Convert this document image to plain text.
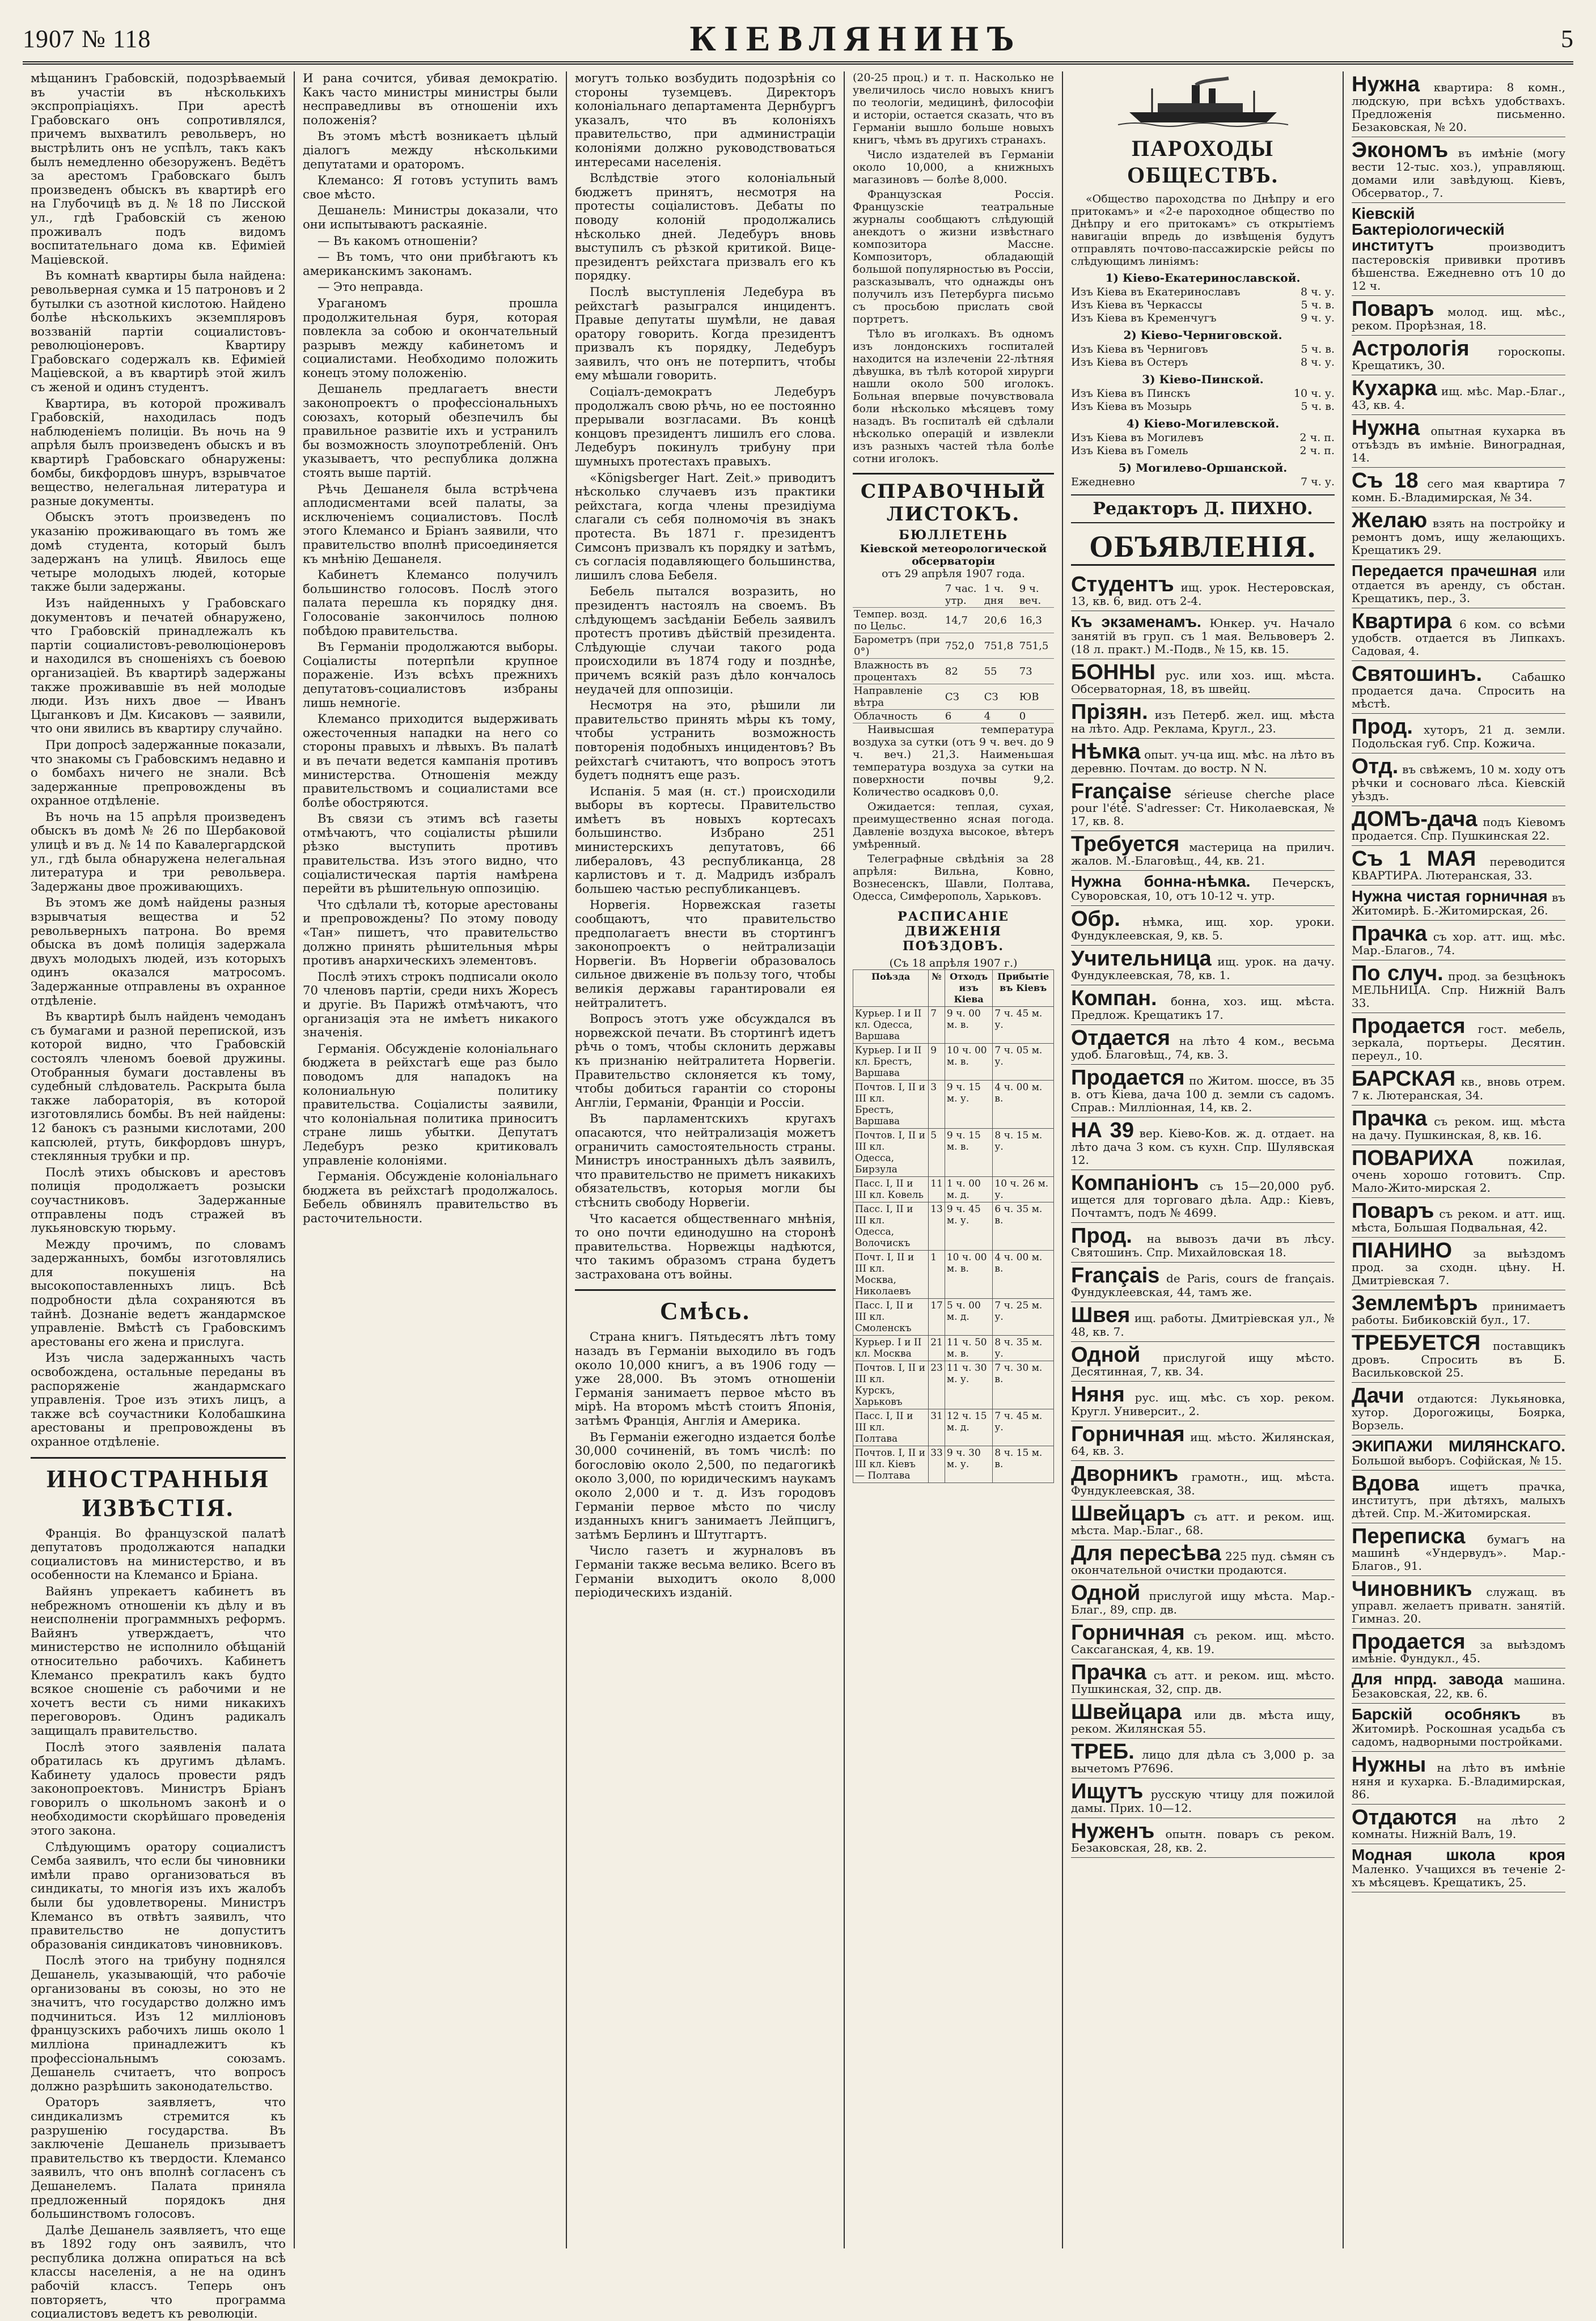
1907 № 118	КІЕВЛЯНИНЪ	5

мѣщанинъ Грабовскій, подозрѣваемый въ участіи въ нѣсколькихъ экспропріаціяхъ. При арестѣ Грабовскаго онъ сопротивлялся, причемъ выхватилъ револьверъ, но выстрѣлить онъ не успѣлъ, такъ какъ былъ немедленно обезоруженъ. Ведётъ за арестомъ Грабовскаго былъ произведенъ обыскъ въ квартирѣ его на Глубочицѣ въ д. № 18 по Лисской ул., гдѣ Грабовскій съ женою проживалъ подъ видомъ воспитательнаго дома кв. Ефиміей Маціевской.

Въ комнатѣ квартиры была найдена: револьверная сумка и 15 патроновъ и 2 бутылки съ азотной кислотою. Найдено болѣе нѣсколькихъ экземпляровъ воззваній партіи социалистовъ-революціонеровъ. Квартиру Грабовскаго содержалъ кв. Ефиміей Маціевской, а въ квартирѣ этой жилъ съ женой и одинъ студентъ.

Квартира, въ которой проживалъ Грабовскій, находилась подъ наблюденіемъ полиціи. Въ ночь на 9 апрѣля былъ произведенъ обыскъ и въ квартирѣ Грабовскаго обнаружены: бомбы, бикфордовъ шнуръ, взрывчатое вещество, нелегальная литература и разные документы.

Обыскъ этотъ произведенъ по указанію проживающаго въ томъ же домѣ студента, который былъ задержанъ на улицѣ. Явилось еще четыре молодыхъ людей, которые также были задержаны.

Изъ найденныхъ у Грабовскаго документовъ и печатей обнаружено, что Грабовскій принадлежалъ къ партіи социалистовъ-революціонеровъ и находился въ сношеніяхъ съ боевою организаціей. Въ квартирѣ задержаны также проживавшіе въ ней молодые люди. Изъ нихъ двое — Иванъ Цыганковъ и Дм. Кисаковъ — заявили, что они явились въ квартиру случайно.

При допросѣ задержанные показали, что знакомы съ Грабовскимъ недавно и о бомбахъ ничего не знали. Всѣ задержанные препровождены въ охранное отдѣленіе.

Въ ночь на 15 апрѣля произведенъ обыскъ въ домѣ № 26 по Шербаковой улицѣ и въ д. № 14 по Кавалергардской ул., гдѣ была обнаружена нелегальная литература и три револьвера. Задержаны двое проживающихъ.

Въ этомъ же домѣ найдены разныя взрывчатыя вещества и 52 револьверныхъ патрона. Во время обыска въ домѣ полиція задержала двухъ молодыхъ людей, изъ которыхъ одинъ оказался матросомъ. Задержанные отправлены въ охранное отдѣленіе.

Въ квартирѣ былъ найденъ чемоданъ съ бумагами и разной перепиской, изъ которой видно, что Грабовскій состоялъ членомъ боевой дружины. Отобранныя бумаги доставлены въ судебный слѣдователь. Раскрыта была также лабораторія, въ которой изготовлялись бомбы. Въ ней найдены: 12 банокъ съ разными кислотами, 200 капсюлей, ртуть, бикфордовъ шнуръ, стеклянныя трубки и пр.

Послѣ этихъ обысковъ и арестовъ полиція продолжаетъ розыски соучастниковъ. Задержанные отправлены подъ стражей въ лукьяновскую тюрьму.

Между прочимъ, по словамъ задержанныхъ, бомбы изготовлялись для покушенія на высокопоставленныхъ лицъ. Всѣ подробности дѣла сохраняются въ тайнѣ. Дознаніе ведетъ жандармское управленіе. Вмѣстѣ съ Грабовскимъ арестованы его жена и прислуга.

Изъ числа задержанныхъ часть освобождена, остальные переданы въ распоряженіе жандармскаго управленія. Трое изъ этихъ лицъ, а также всѣ соучастники Колобашкина арестованы и препровождены въ охранное отдѣленіе.

ИНОСТРАННЫЯ ИЗВѢСТІЯ.

Франція. Во французской палатѣ депутатовъ продолжаются нападки социалистовъ на министерство, и въ особенности на Клемансо и Бріана.

Вайянъ упрекаетъ кабинетъ въ небрежномъ отношеніи къ дѣлу и въ неисполненіи программныхъ реформъ. Вайянъ утверждаетъ, что министерство не исполнило обѣщаній относительно рабочихъ. Кабинетъ Клемансо прекратилъ какъ будто всякое сношеніе съ рабочими и не хочетъ вести съ ними никакихъ переговоровъ. Одинъ радикалъ защищалъ правительство.

Послѣ этого заявленія палата обратилась къ другимъ дѣламъ. Кабинету удалось провести рядъ законопроектовъ. Министръ Бріанъ говорилъ о школьномъ законѣ и о необходимости скорѣйшаго проведенія этого закона.

Слѣдующимъ оратору социалистъ Семба заявилъ, что если бы чиновники имѣли право организоваться въ синдикаты, то многія изъ ихъ жалобъ были бы удовлетворены. Министръ Клемансо въ отвѣтъ заявилъ, что правительство не допуститъ образованія синдикатовъ чиновниковъ.

Послѣ этого на трибуну поднялся Дешанель, указывающій, что рабочіе организованы въ союзы, но это не значитъ, что государство должно имъ подчиниться. Изъ 12 милліоновъ французскихъ рабочихъ лишь около 1 милліона принадлежитъ къ профессіональнымъ союзамъ. Дешанель считаетъ, что вопросъ должно разрѣшить законодательство.

Ораторъ заявляетъ, что синдикализмъ стремится къ разрушенію государства. Въ заключеніе Дешанель призываетъ правительство къ твердости. Клемансо заявилъ, что онъ вполнѣ согласенъ съ Дешанелемъ. Палата приняла предложенный порядокъ дня большинствомъ голосовъ.

Далѣе Дешанель заявляетъ, что еще въ 1892 году онъ заявилъ, что республика должна опираться на всѣ классы населенія, а не на одинъ рабочій классъ. Теперь онъ повторяетъ, что программа социалистовъ ведетъ къ революціи.

И рана сочится, убивая демократію. Какъ часто министры министры были несправедливы въ отношеніи ихъ положенія?

Въ этомъ мѣстѣ возникаетъ цѣлый діалогъ между нѣсколькими депутатами и ораторомъ.

Клемансо: Я готовъ уступить вамъ свое мѣсто.

Дешанель: Министры доказали, что они испытываютъ раскаяніе.

— Въ какомъ отношеніи?

— Въ томъ, что они прибѣгаютъ къ американскимъ законамъ.

— Это неправда.

Ураганомъ прошла продолжительная буря, которая повлекла за собою и окончательный разрывъ между кабинетомъ и социалистами. Необходимо положить конецъ этому положенію.

Дешанель предлагаетъ внести законопроектъ о профессіональныхъ союзахъ, который обезпечилъ бы правильное развитіе ихъ и устранилъ бы возможность злоупотребленій. Онъ указываетъ, что республика должна стоять выше партій.

Рѣчь Дешанеля была встрѣчена аплодисментами всей палаты, за исключеніемъ социалистовъ. Послѣ этого Клемансо и Бріанъ заявили, что правительство вполнѣ присоединяется къ мнѣнію Дешанеля.

Кабинетъ Клемансо получилъ большинство голосовъ. Послѣ этого палата перешла къ порядку дня. Голосованіе закончилось полною побѣдою правительства.

Въ Германіи продолжаются выборы. Соціалисты потерпѣли крупное пораженіе. Изъ всѣхъ прежнихъ депутатовъ-социалистовъ избраны лишь немногіе.

Клемансо приходится выдерживать ожесточенныя нападки на него со стороны правыхъ и лѣвыхъ. Въ палатѣ и въ печати ведется кампанія противъ министерства. Отношенія между правительствомъ и социалистами все болѣе обостряются.

Въ связи съ этимъ всѣ газеты отмѣчаютъ, что соціалисты рѣшили рѣзко выступить противъ правительства. Изъ этого видно, что соціалистическая партія намѣрена перейти въ рѣшительную оппозицію.

Что сдѣлали тѣ, которые арестованы и препровождены? По этому поводу «Тан» пишетъ, что правительство должно принять рѣшительныя мѣры противъ анархическихъ элементовъ.

Послѣ этихъ строкъ подписали около 70 членовъ партіи, среди нихъ Жоресъ и другіе. Въ Парижѣ отмѣчаютъ, что организація эта не имѣетъ никакого значенія.

Германія. Обсужденіе колоніальнаго бюджета в рейхстагѣ еще раз было поводомъ для нападокъ на колониальную политику правительства. Соціалисты заявили, что колоніальная политика приноситъ стране лишь убытки. Депутатъ Ледебуръ резко критиковалъ управленіе колоніями.

Германія. Обсужденіе колоніальнаго бюджета въ рейхстагѣ продолжалось. Бебель обвинялъ правительство въ расточительности.

могутъ только возбудить подозрѣнія со стороны туземцевъ. Директоръ колоніальнаго департамента Дернбургъ указалъ, что въ колоніяхъ правительство, при администраціи колоніями должно руководствоваться интересами населенія.

Вслѣдствіе этого колоніальный бюджетъ принятъ, несмотря на протесты соціалистовъ. Дебаты по поводу колоній продолжались нѣсколько дней. Ледебуръ вновь выступилъ съ рѣзкой критикой. Вице-президентъ рейхстага призвалъ его къ порядку.

Послѣ выступленія Ледебура въ рейхстагѣ разыгрался инцидентъ. Правые депутаты шумѣли, не давая оратору говорить. Когда президентъ призвалъ къ порядку, Ледебуръ заявилъ, что онъ не потерпитъ, чтобы ему мѣшали говорить.

Соціалъ-демократъ Ледебуръ продолжалъ свою рѣчь, но ее постоянно прерывали возгласами. Въ концѣ концовъ президентъ лишилъ его слова. Ледебуръ покинулъ трибуну при шумныхъ протестахъ правыхъ.

«Königsberger Hart. Zeit.» приводитъ нѣсколько случаевъ изъ практики рейхстага, когда члены президіума слагали съ себя полномочія въ знакъ протеста. Въ 1871 г. президентъ Симсонъ призвалъ къ порядку и затѣмъ, съ согласія подавляющего большинства, лишилъ слова Бебеля.

Бебель пытался возразить, но президентъ настоялъ на своемъ. Въ слѣдующемъ засѣданіи Бебель заявилъ протестъ противъ дѣйствій президента. Слѣдующіе случаи такого рода происходили въ 1874 году и позднѣе, причемъ всякій разъ дѣло кончалось неудачей для оппозиціи.

Несмотря на это, рѣшили ли правительство принять мѣры къ тому, чтобы устранить возможность повторенія подобныхъ инцидентовъ? Въ рейхстагѣ считаютъ, что вопросъ этотъ будетъ поднятъ еще разъ.

Испанія. 5 мая (н. ст.) происходили выборы въ кортесы. Правительство имѣетъ въ новыхъ кортесахъ большинство. Избрано 251 министерскихъ депутатовъ, 66 либераловъ, 43 республиканца, 28 карлистовъ и т. д. Мадридъ избралъ большею частью республиканцевъ.

Норвегія. Норвежская газеты сообщаютъ, что правительство предполагаетъ внести въ стортингъ законопроектъ о нейтрализаціи Норвегіи. Въ Норвегіи образовалось сильное движеніе въ пользу того, чтобы великія державы гарантировали ея нейтралитетъ.

Вопросъ этотъ уже обсуждался въ норвежской печати. Въ стортингѣ идетъ рѣчь о томъ, чтобы склонить державы къ признанію нейтралитета Норвегіи. Правительство склоняется къ тому, чтобы добиться гарантіи со стороны Англіи, Германіи, Франціи и Россіи.

Въ парламентскихъ кругахъ опасаются, что нейтрализація можетъ ограничить самостоятельность страны. Министръ иностранныхъ дѣлъ заявилъ, что правительство не приметъ никакихъ обязательствъ, которыя могли бы стѣснить свободу Норвегіи.

Что касается общественнаго мнѣнія, то оно почти единодушно на сторонѣ правительства. Норвежцы надѣются, что такимъ образомъ страна будетъ застрахована отъ войны.

Смѣсь.

Страна книгъ. Пятьдесятъ лѣтъ тому назадъ въ Германіи выходило въ годъ около 10,000 книгъ, а въ 1906 году — уже 28,000. Въ этомъ отношеніи Германія занимаетъ первое мѣсто въ мірѣ. На второмъ мѣстѣ стоитъ Японія, затѣмъ Франція, Англія и Америка.

Въ Германіи ежегодно издается болѣе 30,000 сочиненій, въ томъ числѣ: по богословію около 2,500, по педагогикѣ около 3,000, по юридическимъ наукамъ около 2,000 и т. д. Изъ городовъ Германіи первое мѣсто по числу изданныхъ книгъ занимаетъ Лейпцигъ, затѣмъ Берлинъ и Штутгартъ.

Число газетъ и журналовъ въ Германіи также весьма велико. Всего въ Германіи выходитъ около 8,000 періодическихъ изданій.

(20-25 проц.) и т. п. Насколько не увеличилось число новыхъ книгъ по теологіи, медицинѣ, философіи и исторіи, остается сказать, что въ Германіи вышло больше новыхъ книгъ, чѣмъ въ другихъ странахъ.

Число издателей въ Германіи около 10,000, а книжныхъ магазиновъ — болѣе 8,000.

Французская Россія. Французскіе театральные журналы сообщаютъ слѣдующій анекдотъ о жизни извѣстнаго композитора Массне. Композиторъ, обладающій большой популярностью въ Россіи, разсказывалъ, что однажды онъ получилъ изъ Петербурга письмо съ просьбою прислать свой портретъ.

Тѣло въ иголкахъ. Въ одномъ изъ лондонскихъ госпиталей находится на излеченіи 22-лѣтняя дѣвушка, въ тѣлѣ которой хирурги нашли около 500 иголокъ. Больная впервые почувствовала боли нѣсколько мѣсяцевъ тому назадъ. Въ госпиталѣ ей сдѣлали нѣсколько операцій и извлекли изъ разныхъ частей тѣла болѣе сотни иголокъ.

СПРАВОЧНЫЙ ЛИСТОКЪ.
БЮЛЛЕТЕНЬ
Кіевской метеорологической обсерваторіи
отъ 29 апрѣля 1907 года.
	7 час. утр.	1 ч. дня	9 ч. веч.
Темпер. возд. по Цельс.	14,7	20,6	16,3
Барометръ (при 0°)	752,0	751,8	751,5
Влажность въ процентахъ	82	55	73
Направленіе вѣтра	СЗ	СЗ	ЮВ
Облачность	6	4	0

Наивысшая температура воздуха за сутки (отъ 9 ч. веч. до 9 ч. веч.) 21,3. Наименьшая температура воздуха за сутки на поверхности почвы 9,2. Количество осадковъ 0,0.

Ожидается: теплая, сухая, преимущественно ясная погода. Давленіе воздуха высокое, вѣтеръ умѣренный.

Телеграфные свѣдѣнія за 28 апрѣля: Вильна, Ковно, Вознесенскъ, Шавли, Полтава, Одесса, Симферополь, Харьковъ.

РАСПИСАНІЕ ДВИЖЕНІЯ ПОѢЗДОВЪ.
(Съ 18 апрѣля 1907 г.)
Поѣзда	№	Отходъ изъ Кіева	Прибытіе въ Кіевъ
Курьер. I и II кл. Одесса, Варшава	7	9 ч. 00 м. в.	7 ч. 45 м. у.
Курьер. I и II кл. Брестъ, Варшава	9	10 ч. 00 м. в.	7 ч. 05 м. у.
Почтов. I, II и III кл. Брестъ, Варшава	3	9 ч. 15 м. у.	4 ч. 00 м. в.
Почтов. I, II и III кл. Одесса, Бирзула	5	9 ч. 15 м. в.	8 ч. 15 м. у.
Пасс. I, II и III кл. Ковель	11	1 ч. 00 м. д.	10 ч. 26 м. у.
Пасс. I, II и III кл. Одесса, Волочискъ	13	9 ч. 45 м. у.	6 ч. 35 м. в.
Почт. I, II и III кл. Москва, Николаевъ	1	10 ч. 00 м. в.	4 ч. 00 м. в.
Пасс. I, II и III кл. Смоленскъ	17	5 ч. 00 м. д.	7 ч. 25 м. у.
Курьер. I и II кл. Москва	21	11 ч. 50 м. в.	8 ч. 35 м. у.
Почтов. I, II и III кл. Курскъ, Харьковъ	23	11 ч. 30 м. у.	7 ч. 30 м. в.
Пасс. I, II и III кл. Полтава	31	12 ч. 15 м. д.	7 ч. 45 м. у.
Почтов. I, II и III кл. Кіевъ — Полтава	33	9 ч. 30 м. у.	8 ч. 15 м. в.
ПАРОХОДЫ ОБЩЕСТВЪ.

«Общество пароходства по Днѣпру и его притокамъ» и «2-е пароходное общество по Днѣпру и его притокамъ» съ открытіемъ навигаціи впредь до извѣщенія будутъ отправлять почтово-пассажирскіе рейсы по слѣдующимъ линіямъ:

1) Кіево-Екатеринославской.
Изъ Кіева въ Екатеринославъ	8 ч. у.
Изъ Кіева въ Черкассы	5 ч. в.
Изъ Кіева въ Кременчугъ	9 ч. у.
2) Кіево-Черниговской.
Изъ Кіева въ Черниговъ	5 ч. в.
Изъ Кіева въ Остеръ	8 ч. у.
3) Кіево-Пинской.
Изъ Кіева въ Пинскъ	10 ч. у.
Изъ Кіева въ Мозырь	5 ч. в.
4) Кіево-Могилевской.
Изъ Кіева въ Могилевъ	2 ч. п.
Изъ Кіева въ Гомель	2 ч. п.
5) Могилево-Оршанской.
Ежедневно	7 ч. у.
Редакторъ Д. ПИХНО.
ОБЪЯВЛЕНІЯ.
Студентъ ищ. урок. Нестеровская, 13, кв. 6, вид. отъ 2-4.
Къ экзаменамъ. Юнкер. уч. Начало занятій въ груп. съ 1 мая. Вельвоверъ 2. (18 л. практ.) М.-Подв., № 15, кв. 15.
БОННЫ рус. или хоз. ищ. мѣста. Обсерваторная, 18, въ швейц.
Прізян. изъ Петерб. жел. ищ. мѣста на лѣто. Адр. Реклама, Кругл., 23.
Нѣмка опыт. уч-ца ищ. мѣс. на лѣто въ деревню. Почтам. до востр. N N.
Française sérieuse cherche place pour l'été. S'adresser: Ст. Николаевская, № 17, кв. 8.
Требуется мастерица на прилич. жалов. М.-Благовѣщ., 44, кв. 21.
Нужна бонна-нѣмка. Печерскъ, Суворовская, 10, отъ 10-12 ч. утр.
Обр. нѣмка, ищ. хор. уроки. Фундуклеевская, 9, кв. 5.
Учительница ищ. урок. на дачу. Фундуклеевская, 78, кв. 1.
Компан. бонна, хоз. ищ. мѣста. Предлож. Крещатикъ 17.
Отдается на лѣто 4 ком., весьма удоб. Благовѣщ., 74, кв. 3.
Продается по Житом. шоссе, въ 35 в. отъ Кіева, дача 100 д. земли съ садомъ. Справ.: Миллiонная, 14, кв. 2.
НА 39 вер. Кіево-Ков. ж. д. отдает. на лѣто дача 3 ком. съ кухн. Спр. Шулявская 12.
Компаніонъ съ 15—20,000 руб. ищется для торговаго дѣла. Адр.: Кіевъ, Почтамтъ, подъ № 4699.
Прод. на вывозъ дачи въ лѣсу. Святошинъ. Спр. Михайловская 18.
Français de Paris, cours de français. Фундуклеевская, 44, тамъ же.
Швея ищ. работы. Дмитріевская ул., № 48, кв. 7.
Одной прислугой ищу мѣсто. Десятинная, 7, кв. 34.
Няня рус. ищ. мѣс. съ хор. реком. Кругл. Университ., 2.
Горничная ищ. мѣсто. Жилянская, 64, кв. 3.
Дворникъ грамотн., ищ. мѣста. Фундуклеевская, 38.
Швейцаръ съ атт. и реком. ищ. мѣста. Мар.-Благ., 68.
Для пересѣва 225 пуд. сѣмян съ окончательной очистки продаются.
Одной прислугой ищу мѣста. Мар.-Благ., 89, спр. дв.
Горничная съ реком. ищ. мѣсто. Саксаганская, 4, кв. 19.
Прачка съ атт. и реком. ищ. мѣсто. Пушкинская, 32, спр. дв.
Швейцара или дв. мѣста ищу, реком. Жилянская 55.
ТРЕБ. лицо для дѣла съ 3,000 р. за вычетомъ Р7696.
Ищутъ русскую чтицу для пожилой дамы. Прих. 10—12.
Нуженъ опытн. поваръ съ реком. Безаковская, 28, кв. 2.
Нужна квартира: 8 комн., людскую, при всѣхъ удобствахъ. Предложенія письменно. Безаковская, № 20.
Экономъ въ имѣніе (могу вести 12-тыс. хоз.), управляющ. домами или завѣдующ. Кіевъ, Обсерватор., 7.
Кіевскій Бактеріологическій институтъ	производитъ пастеровскія прививки противъ бѣшенства. Ежедневно отъ 10 до 12 ч.
Поваръ молод. ищ. мѣс., реком. Прорѣзная, 18.
Астрологія	гороскопы. Крещатикъ, 30.
Кухарка ищ. мѣс. Мар.-Благ., 43, кв. 4.
Нужна опытная кухарка въ отъѣздъ въ имѣніе. Виноградная, 14.
Съ 18 сего мая квартира 7 комн. Б.-Владимирская, № 34.
Желаю взять на постройку и ремонтъ домъ, ищу желающихъ. Крещатикъ 29.
Передается прачешная или отдается въ аренду, съ обстан. Крещатикъ, пер., 3.
Квартира 6 ком. со всѣми удобств. отдается въ Липкахъ. Садовая, 4.
Святошинъ.	Сабашко продается дача. Спросить на мѣстѣ.
Прод. хуторъ, 21 д. земли. Подольская губ. Спр. Кожича.
Отд. въ свѣжемъ, 10 м. ходу отъ рѣчки и сосноваго лѣса. Кіевскій уѣздъ.
ДОМЪ-дача подъ Кіевомъ продается. Спр. Пушкинская 22.
Съ 1 МАЯ переводится КВАРТИРА. Лютеранская, 33.
Нужна чистая горничная въ Житомирѣ. Б.-Житомирская, 26.
Прачка съ хор. атт. ищ. мѣс. Мар.-Благов., 74.
По случ. прод. за безцѣнокъ МЕЛЬНИЦА. Спр. Нижній Валъ 33.
Продается гост. мебель, зеркала, портьеры. Десятин. переул., 10.
БАРСКАЯ кв., вновь отрем. 7 к. Лютеранская, 34.
Прачка съ реком. ищ. мѣста на дачу. Пушкинская, 8, кв. 16.
ПОВАРИХА	пожилая, очень хорошо готовитъ. Спр. Мало-Жито-мирская 2.
Поваръ съ реком. и атт. ищ. мѣста, Большая Подвальная, 42.
ПІАНИНО за выѣздомъ прод. за сходн. цѣну. Н. Дмитріевская 7.
Землемѣръ принимаетъ работы. Бибиковскій бул., 17.
ТРЕБУЕТСЯ поставщикъ дровъ. Спросить въ Б. Васильковской 25.
Дачи отдаются: Лукьяновка, хутор. Дорогожицы, Боярка, Ворзель.
ЭКИПАЖИ МИЛЯНСКАГО. Большой выборъ. Софійская, № 15.
Вдова	ищетъ прачка, институтъ, при дѣтяхъ, малыхъ дѣтей. Спр. М.-Житомирская.
Переписка бумагъ на машинѣ «Ундервудъ». Мар.-Благов., 91.
Чиновникъ служащ. въ управл. желаетъ приватн. занятій. Гимназ. 20.
Продается за выѣздомъ имѣніе. Фундукл., 45.
Для нпрд. завода машина. Безаковская, 22, кв. 6.
Барскій особнякъ	въ Житомирѣ. Роскошная усадьба съ садомъ, надворными постройками.
Нужны на лѣто въ имѣніе няня и кухарка. Б.-Владимирская, 86.
Отдаются на лѣто 2 комнаты. Нижній Валъ, 19.
Модная школа кроя Маленко. Учащихся въ теченіе 2-хъ мѣсяцевъ. Крещатикъ, 25.
